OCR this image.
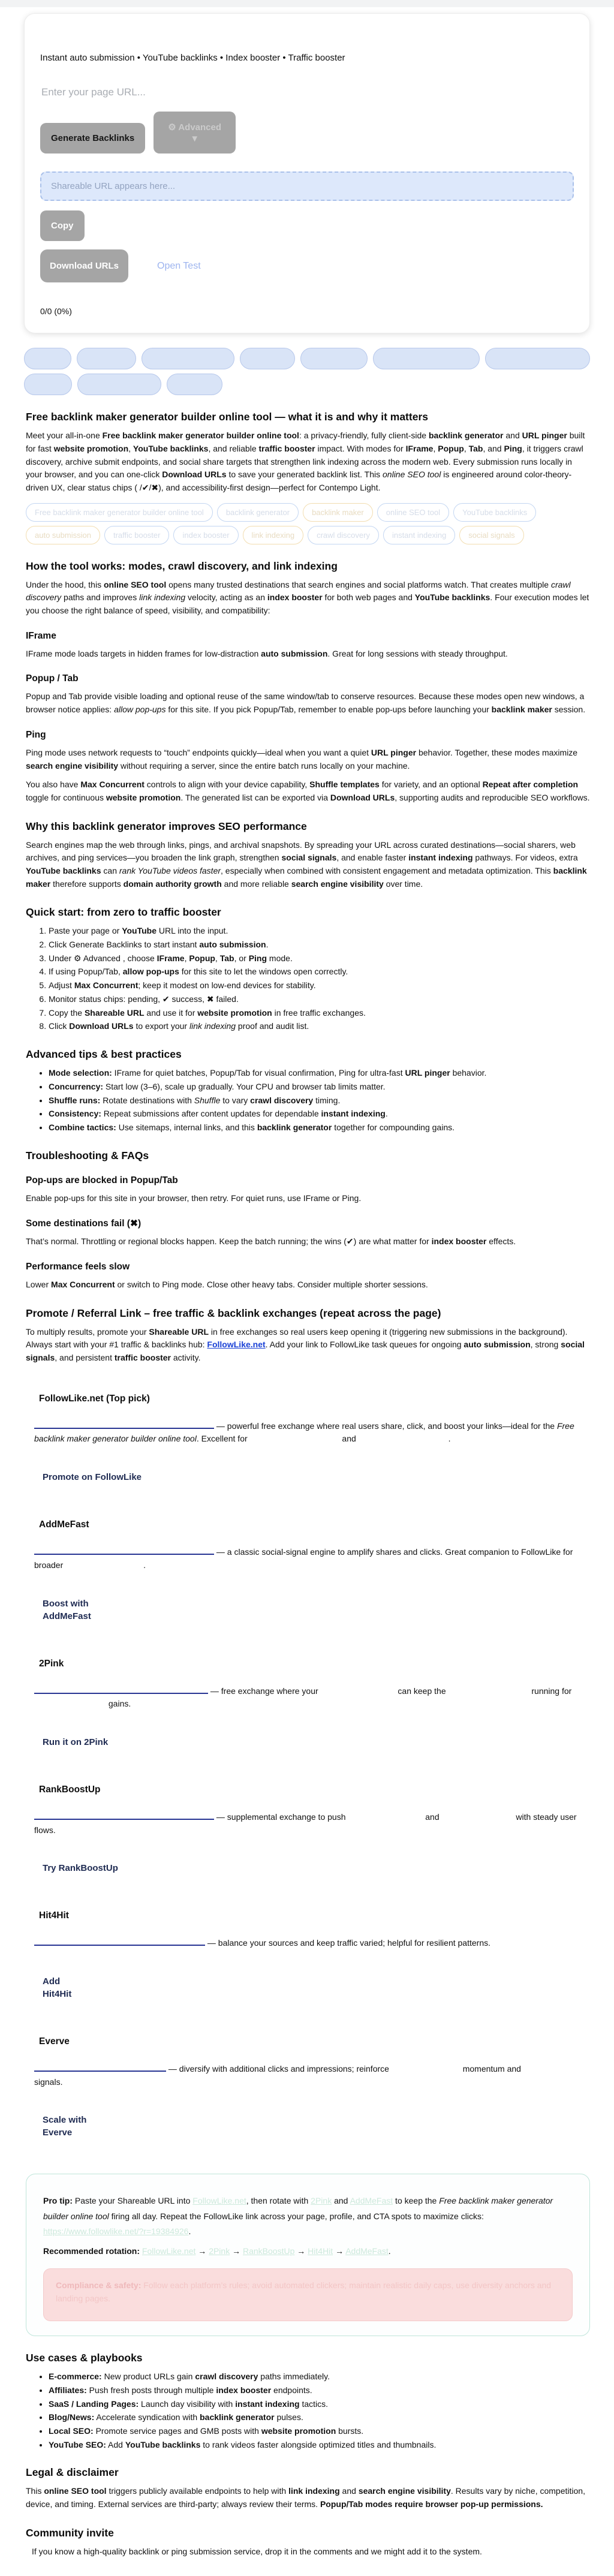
Instant auto submission • YouTube backlinks • Index booster • Traffic booster

Enter your page URL...
Generate Backlinks
⚙ Advanced
▼
Shareable URL appears here...
Copy
Download URLs	Open Test
0/0 (0%)
Free backlink maker generator builder online tool — what it is and why it matters

Meet your all-in-one Free backlink maker generator builder online tool: a privacy-friendly, fully client-side backlink generator and URL pinger built for fast website promotion, YouTube backlinks, and reliable traffic booster impact. With modes for IFrame, Popup, Tab, and Ping, it triggers crawl discovery, archive submit endpoints, and social share targets that strengthen link indexing across the modern web. Every submission runs locally in your browser, and you can one-click Download URLs to save your generated backlink list. This online SEO tool is engineered around color-theory-driven UX, clear status chips ( /✔/✖), and accessibility-first design—perfect for Contempo Light.

Free backlink maker generator builder online tool	backlink generator	backlink maker	online SEO tool	YouTube backlinks
auto submission	traffic booster	index booster	link indexing	crawl discovery	instant indexing	social signals
How the tool works: modes, crawl discovery, and link indexing

Under the hood, this online SEO tool opens many trusted destinations that search engines and social platforms watch. That creates multiple crawl discovery paths and improves link indexing velocity, acting as an index booster for both web pages and YouTube backlinks. Four execution modes let you choose the right balance of speed, visibility, and compatibility:

IFrame

IFrame mode loads targets in hidden frames for low-distraction auto submission. Great for long sessions with steady throughput.

Popup / Tab

Popup and Tab provide visible loading and optional reuse of the same window/tab to conserve resources. Because these modes open new windows, a browser notice applies: allow pop-ups for this site. If you pick Popup/Tab, remember to enable pop-ups before launching your backlink maker session.

Ping

Ping mode uses network requests to “touch” endpoints quickly—ideal when you want a quiet URL pinger behavior. Together, these modes maximize search engine visibility without requiring a server, since the entire batch runs locally on your machine.

You also have Max Concurrent controls to align with your device capability, Shuffle templates for variety, and an optional Repeat after completion toggle for continuous website promotion. The generated list can be exported via Download URLs, supporting audits and reproducible SEO workflows.

Why this backlink generator improves SEO performance

Search engines map the web through links, pings, and archival snapshots. By spreading your URL across curated destinations—social sharers, web archives, and ping services—you broaden the link graph, strengthen social signals, and enable faster instant indexing pathways. For videos, extra YouTube backlinks can rank YouTube videos faster, especially when combined with consistent engagement and metadata optimization. This backlink maker therefore supports domain authority growth and more reliable search engine visibility over time.

Quick start: from zero to traffic booster
1. Paste your page or YouTube URL into the input.
2. Click Generate Backlinks to start instant auto submission.
3. Under ⚙ Advanced , choose IFrame, Popup, Tab, or Ping mode.
4. If using Popup/Tab, allow pop-ups for this site to let the windows open correctly.
5. Adjust Max Concurrent; keep it modest on low-end devices for stability.
6. Monitor status chips: pending, ✔ success, ✖ failed.
7. Copy the Shareable URL and use it for website promotion in free traffic exchanges.
8. Click Download URLs to export your link indexing proof and audit list.
Advanced tips & best practices
• Mode selection: IFrame for quiet batches, Popup/Tab for visual confirmation, Ping for ultra-fast URL pinger behavior.
• Concurrency: Start low (3–6), scale up gradually. Your CPU and browser tab limits matter.
• Shuffle runs: Rotate destinations with Shuffle to vary crawl discovery timing.
• Consistency: Repeat submissions after content updates for dependable instant indexing.
• Combine tactics: Use sitemaps, internal links, and this backlink generator together for compounding gains.
Troubleshooting & FAQs
Pop-ups are blocked in Popup/Tab

Enable pop-ups for this site in your browser, then retry. For quiet runs, use IFrame or Ping.

Some destinations fail (✖)

That’s normal. Throttling or regional blocks happen. Keep the batch running; the wins (✔) are what matter for index booster effects.

Performance feels slow

Lower Max Concurrent or switch to Ping mode. Close other heavy tabs. Consider multiple shorter sessions.

Promote / Referral Link – free traffic & backlink exchanges (repeat across the page)

To multiply results, promote your Shareable URL in free exchanges so real users keep opening it (triggering new submissions in the background). Always start with your #1 traffic & backlinks hub: FollowLike.net. Add your link to FollowLike task queues for ongoing auto submission, strong social signals, and persistent traffic booster activity.

FollowLike.net (Top pick)

— powerful free exchange where real users share, click, and boost your links—ideal for the Free backlink maker generator builder online tool. Excellent for	and	.

Promote on FollowLike
AddMeFast

— a classic social-signal engine to amplify shares and clicks. Great companion to FollowLike for broader	.

Boost with AddMeFast
2Pink

— free exchange where your	can keep the	running for  gains.

Run it on 2Pink
RankBoostUp

— supplemental exchange to push	and	with steady user flows.

Try RankBoostUp
Hit4Hit

— balance your sources and keep traffic varied; helpful for resilient patterns.

Add Hit4Hit
Everve

— diversify with additional clicks and impressions; reinforce	momentum and  signals.

Scale with Everve

Pro tip: Paste your Shareable URL into FollowLike.net, then rotate with 2Pink and AddMeFast to keep the Free backlink maker generator builder online tool firing all day. Repeat the FollowLike link across your page, profile, and CTA spots to maximize clicks: https://www.followlike.net/?r=19384926.

Recommended rotation: FollowLike.net → 2Pink → RankBoostUp → Hit4Hit → AddMeFast.

Compliance & safety: Follow each platform’s rules; avoid automated clickers; maintain realistic daily caps, use diversity anchors and landing pages.
Use cases & playbooks
• E-commerce: New product URLs gain crawl discovery paths immediately.
• Affiliates: Push fresh posts through multiple index booster endpoints.
• SaaS / Landing Pages: Launch day visibility with instant indexing tactics.
• Blog/News: Accelerate syndication with backlink generator pulses.
• Local SEO: Promote service pages and GMB posts with website promotion bursts.
• YouTube SEO: Add YouTube backlinks to rank videos faster alongside optimized titles and thumbnails.
Legal & disclaimer

This online SEO tool triggers publicly available endpoints to help with link indexing and search engine visibility. Results vary by niche, competition, device, and timing. External services are third-party; always review their terms. Popup/Tab modes require browser pop-up permissions.

Community invite

If you know a high-quality backlink or ping submission service, drop it in the comments and we might add it to the system.
